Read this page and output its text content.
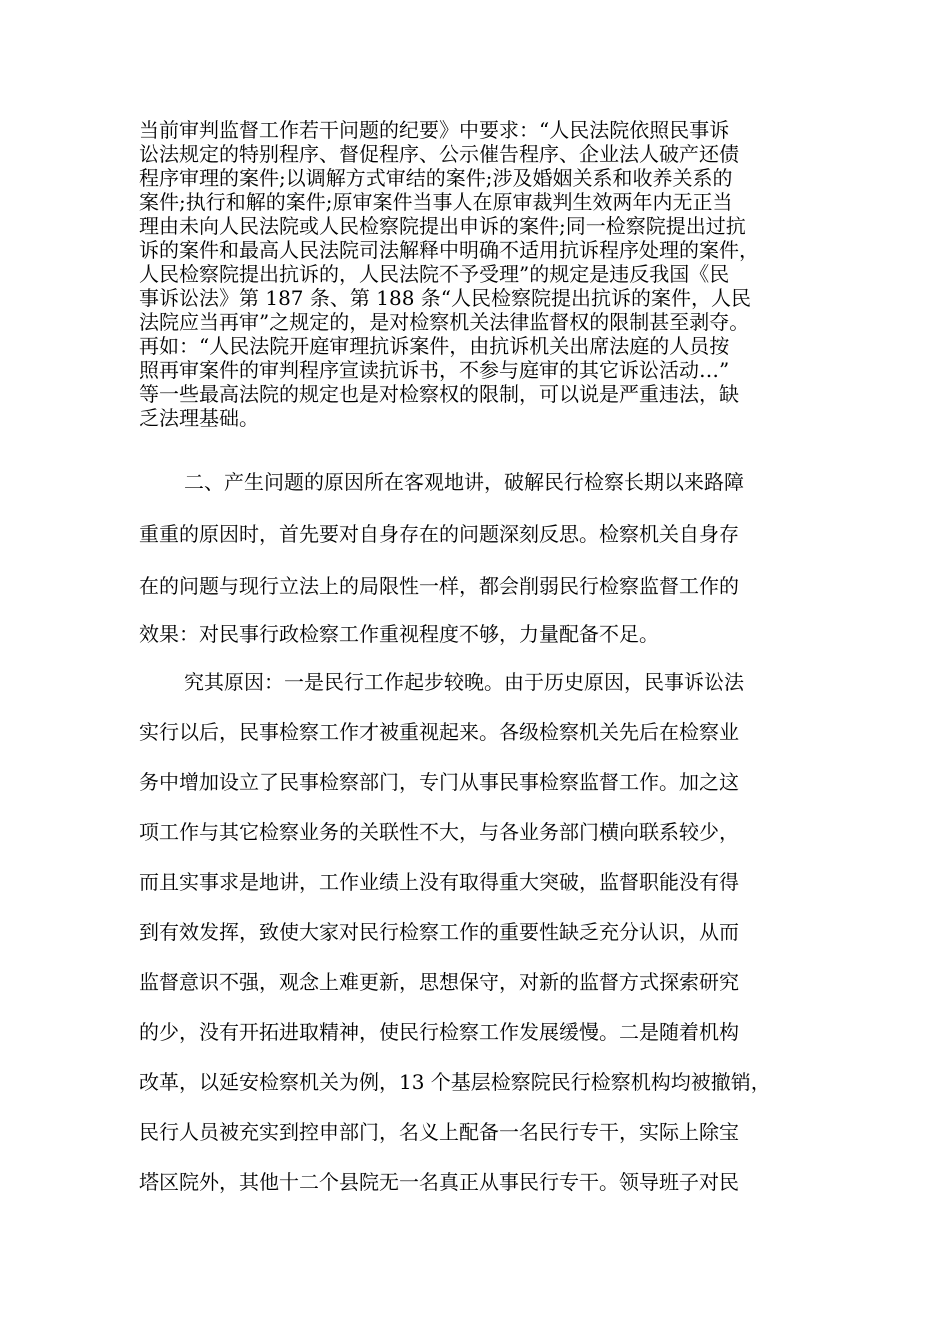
当前审判监督工作若干问题的纪要》中要求：“人民法院依照民事诉
讼法规定的特别程序、督促程序、公示催告程序、企业法人破产还债
程序审理的案件;以调解方式审结的案件;涉及婚姻关系和收养关系的
案件;执行和解的案件;原审案件当事人在原审裁判生效两年内无正当
理由未向人民法院或人民检察院提出申诉的案件;同一检察院提出过抗
诉的案件和最高人民法院司法解释中明确不适用抗诉程序处理的案件，
人民检察院提出抗诉的，人民法院不予受理”的规定是违反我国《民
事诉讼法》第 187 条、第 188 条“人民检察院提出抗诉的案件，人民
法院应当再审”之规定的，是对检察机关法律监督权的限制甚至剥夺。
再如：“人民法院开庭审理抗诉案件，由抗诉机关出席法庭的人员按
照再审案件的审判程序宣读抗诉书，不参与庭审的其它诉讼活动…”
等一些最高法院的规定也是对检察权的限制，可以说是严重违法，缺
乏法理基础。
二、产生问题的原因所在客观地讲，破解民行检察长期以来路障
重重的原因时，首先要对自身存在的问题深刻反思。检察机关自身存
在的问题与现行立法上的局限性一样，都会削弱民行检察监督工作的
效果：对民事行政检察工作重视程度不够，力量配备不足。
究其原因：一是民行工作起步较晚。由于历史原因，民事诉讼法
实行以后，民事检察工作才被重视起来。各级检察机关先后在检察业
务中增加设立了民事检察部门，专门从事民事检察监督工作。加之这
项工作与其它检察业务的关联性不大，与各业务部门横向联系较少，
而且实事求是地讲，工作业绩上没有取得重大突破，监督职能没有得
到有效发挥，致使大家对民行检察工作的重要性缺乏充分认识，从而
监督意识不强，观念上难更新，思想保守，对新的监督方式探索研究
的少，没有开拓进取精神，使民行检察工作发展缓慢。二是随着机构
改革，以延安检察机关为例，13 个基层检察院民行检察机构均被撤销，
民行人员被充实到控申部门，名义上配备一名民行专干，实际上除宝
塔区院外，其他十二个县院无一名真正从事民行专干。领导班子对民
